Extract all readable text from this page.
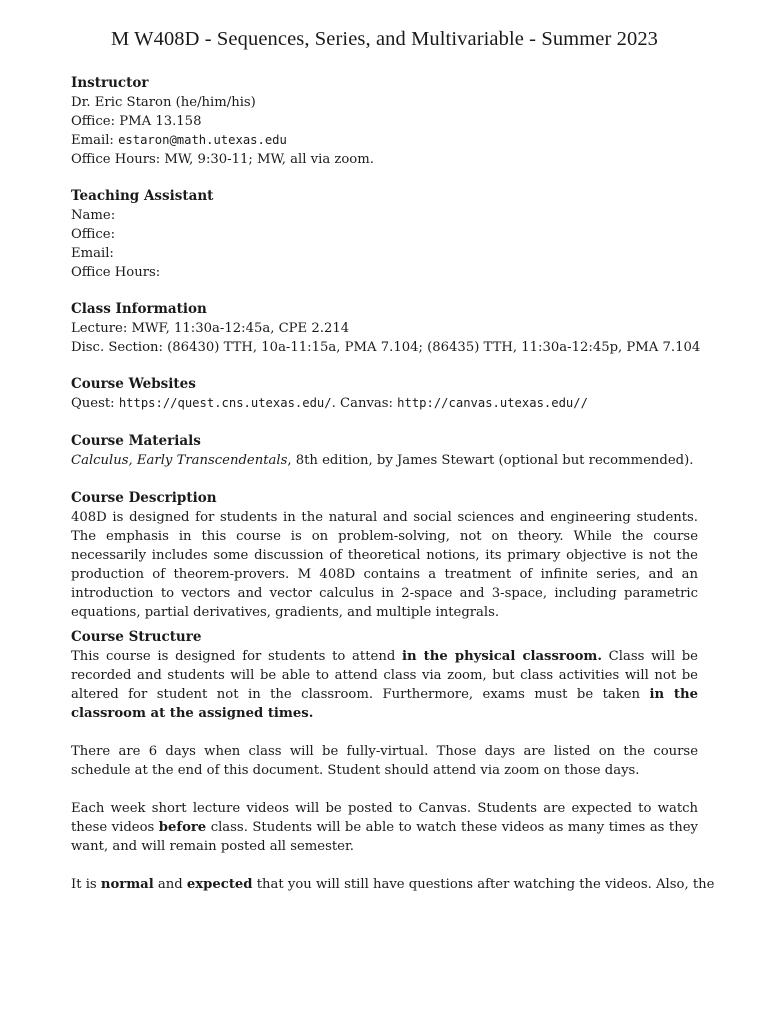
M W408D - Sequences, Series, and Multivariable - Summer 2023

Instructor

Dr. Eric Staron (he/him/his)

Office: PMA 13.158

Email: estaron@math.utexas.edu

Office Hours: MW, 9:30-11; MW, all via zoom.

Teaching Assistant

Name:

Office:

Email:

Office Hours:

Class Information

Lecture: MWF, 11:30a-12:45a, CPE 2.214

Disc. Section: (86430) TTH, 10a-11:15a, PMA 7.104; (86435) TTH, 11:30a-12:45p, PMA 7.104

Course Websites

Quest: https://quest.cns.utexas.edu/. Canvas: http://canvas.utexas.edu//

Course Materials

Calculus, Early Transcendentals, 8th edition, by James Stewart (optional but recommended).

Course Description

408D is designed for students in the natural and social sciences and engineering students. The emphasis in this course is on problem-solving, not on theory. While the course necessarily includes some discussion of theoretical notions, its primary objective is not the production of theorem-provers. M 408D contains a treatment of infinite series, and an introduction to vectors and vector calculus in 2-space and 3-space, including parametric equations, partial derivatives, gradients, and multiple integrals.

Course Structure

This course is designed for students to attend in the physical classroom. Class will be recorded and students will be able to attend class via zoom, but class activities will not be altered for student not in the classroom. Furthermore, exams must be taken in the classroom at the assigned times.

There are 6 days when class will be fully-virtual. Those days are listed on the course schedule at the end of this document. Student should attend via zoom on those days.

Each week short lecture videos will be posted to Canvas. Students are expected to watch these videos before class. Students will be able to watch these videos as many times as they want, and will remain posted all semester.

It is normal and expected that you will still have questions after watching the videos. Also, the
